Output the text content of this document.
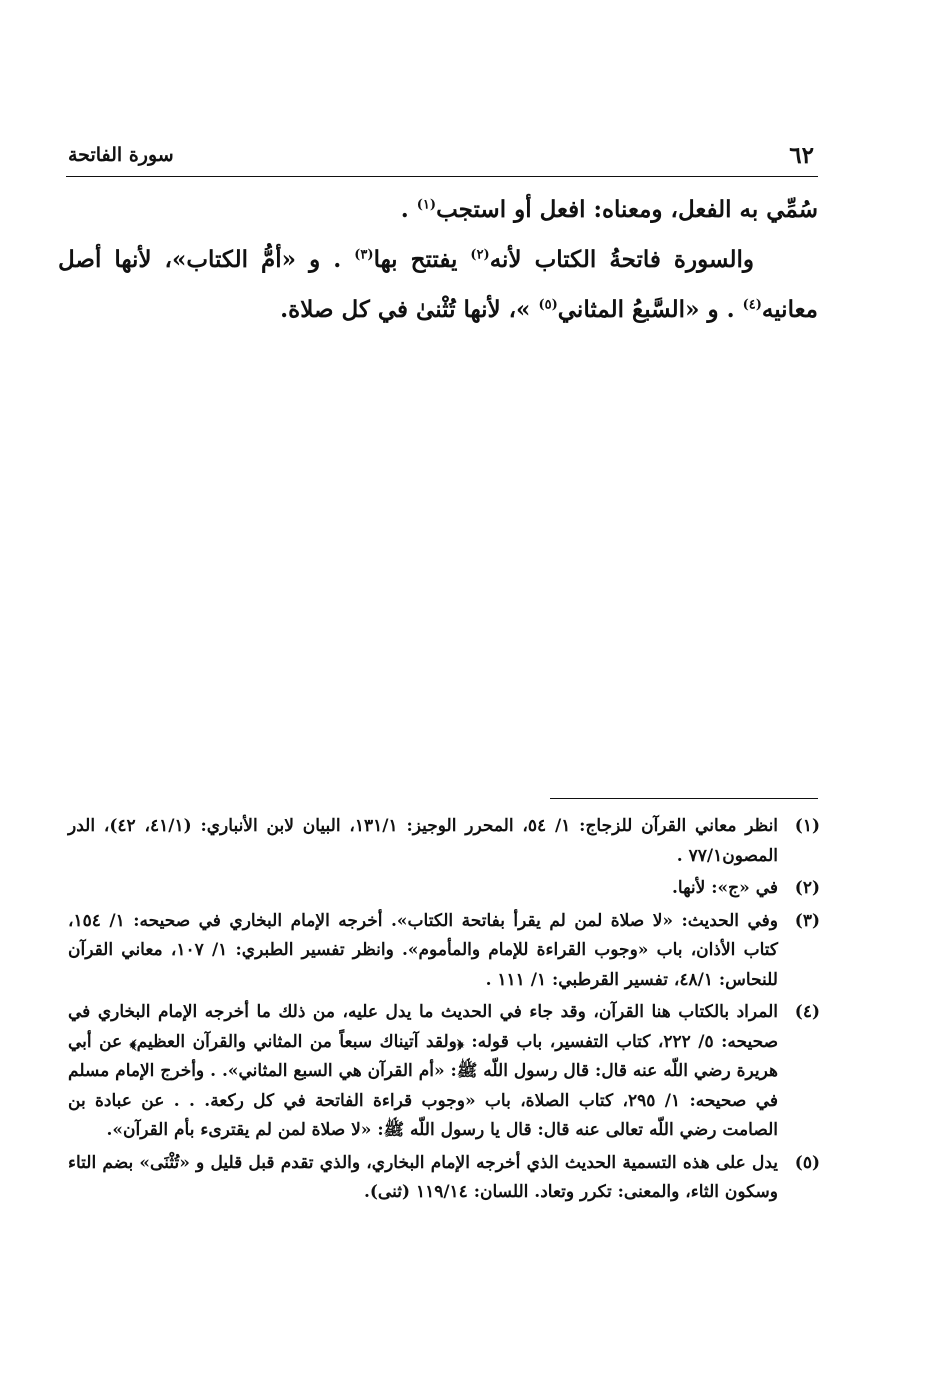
٦٢
سورة الفاتحة

سُمِّي به الفعل، ومعناه: افعل أو استجب$^{(١)}$ .

والسورة فاتحةُ الكتاب لأنه$^{(٢)}$ يفتتح بها$^{(٣)}$ . و «أمُّ الكتاب»، لأنها أصل معانيه$^{(٤)}$ . و «السَّبعُ المثاني$^{(٥)}$ »، لأنها تُثْنىٰ في كل صلاة.

(١)
انظر معاني القرآن للزجاج: ١/ ٥٤، المحرر الوجيز: ١٣١/١، البيان لابن الأنباري: (٤١/١، ٤٢)، الدر المصون٧٧/١ .
(٢)
في «ج»: لأنها.
(٣)
وفي الحديث: «لا صلاة لمن لم يقرأ بفاتحة الكتاب». أخرجه الإمام البخاري في صحيحه: ١/ ١٥٤، كتاب الأذان، باب «وجوب القراءة للإمام والمأموم». وانظر تفسير الطبري: ١/ ١٠٧، معاني القرآن للنحاس: ٤٨/١، تفسير القرطبي: ١/ ١١١ .
(٤)
المراد بالكتاب هنا القرآن، وقد جاء في الحديث ما يدل عليه، من ذلك ما أخرجه الإمام البخاري في صحيحه: ٥/ ٢٢٢، كتاب التفسير، باب قوله: ﴿ولقد آتيناك سبعاً من المثاني والقرآن العظيم﴾ عن أبي هريرة رضي اللّه عنه قال: قال رسول اللّه ﷺ: «أم القرآن هي السبع المثاني». . وأخرج الإمام مسلم في صحيحه: ١/ ٢٩٥، كتاب الصلاة، باب «وجوب قراءة الفاتحة في كل ركعة. . . عن عبادة بن الصامت رضي اللّه تعالى عنه قال: قال يا رسول اللّه ﷺ: «لا صلاة لمن لم يقترىء بأم القرآن».
(٥)
يدل على هذه التسمية الحديث الذي أخرجه الإمام البخاري، والذي تقدم قبل قليل و «تُثْنَى» بضم التاء وسكون الثاء، والمعنى: تكرر وتعاد. اللسان: ١١٩/١٤ (ثنى).
